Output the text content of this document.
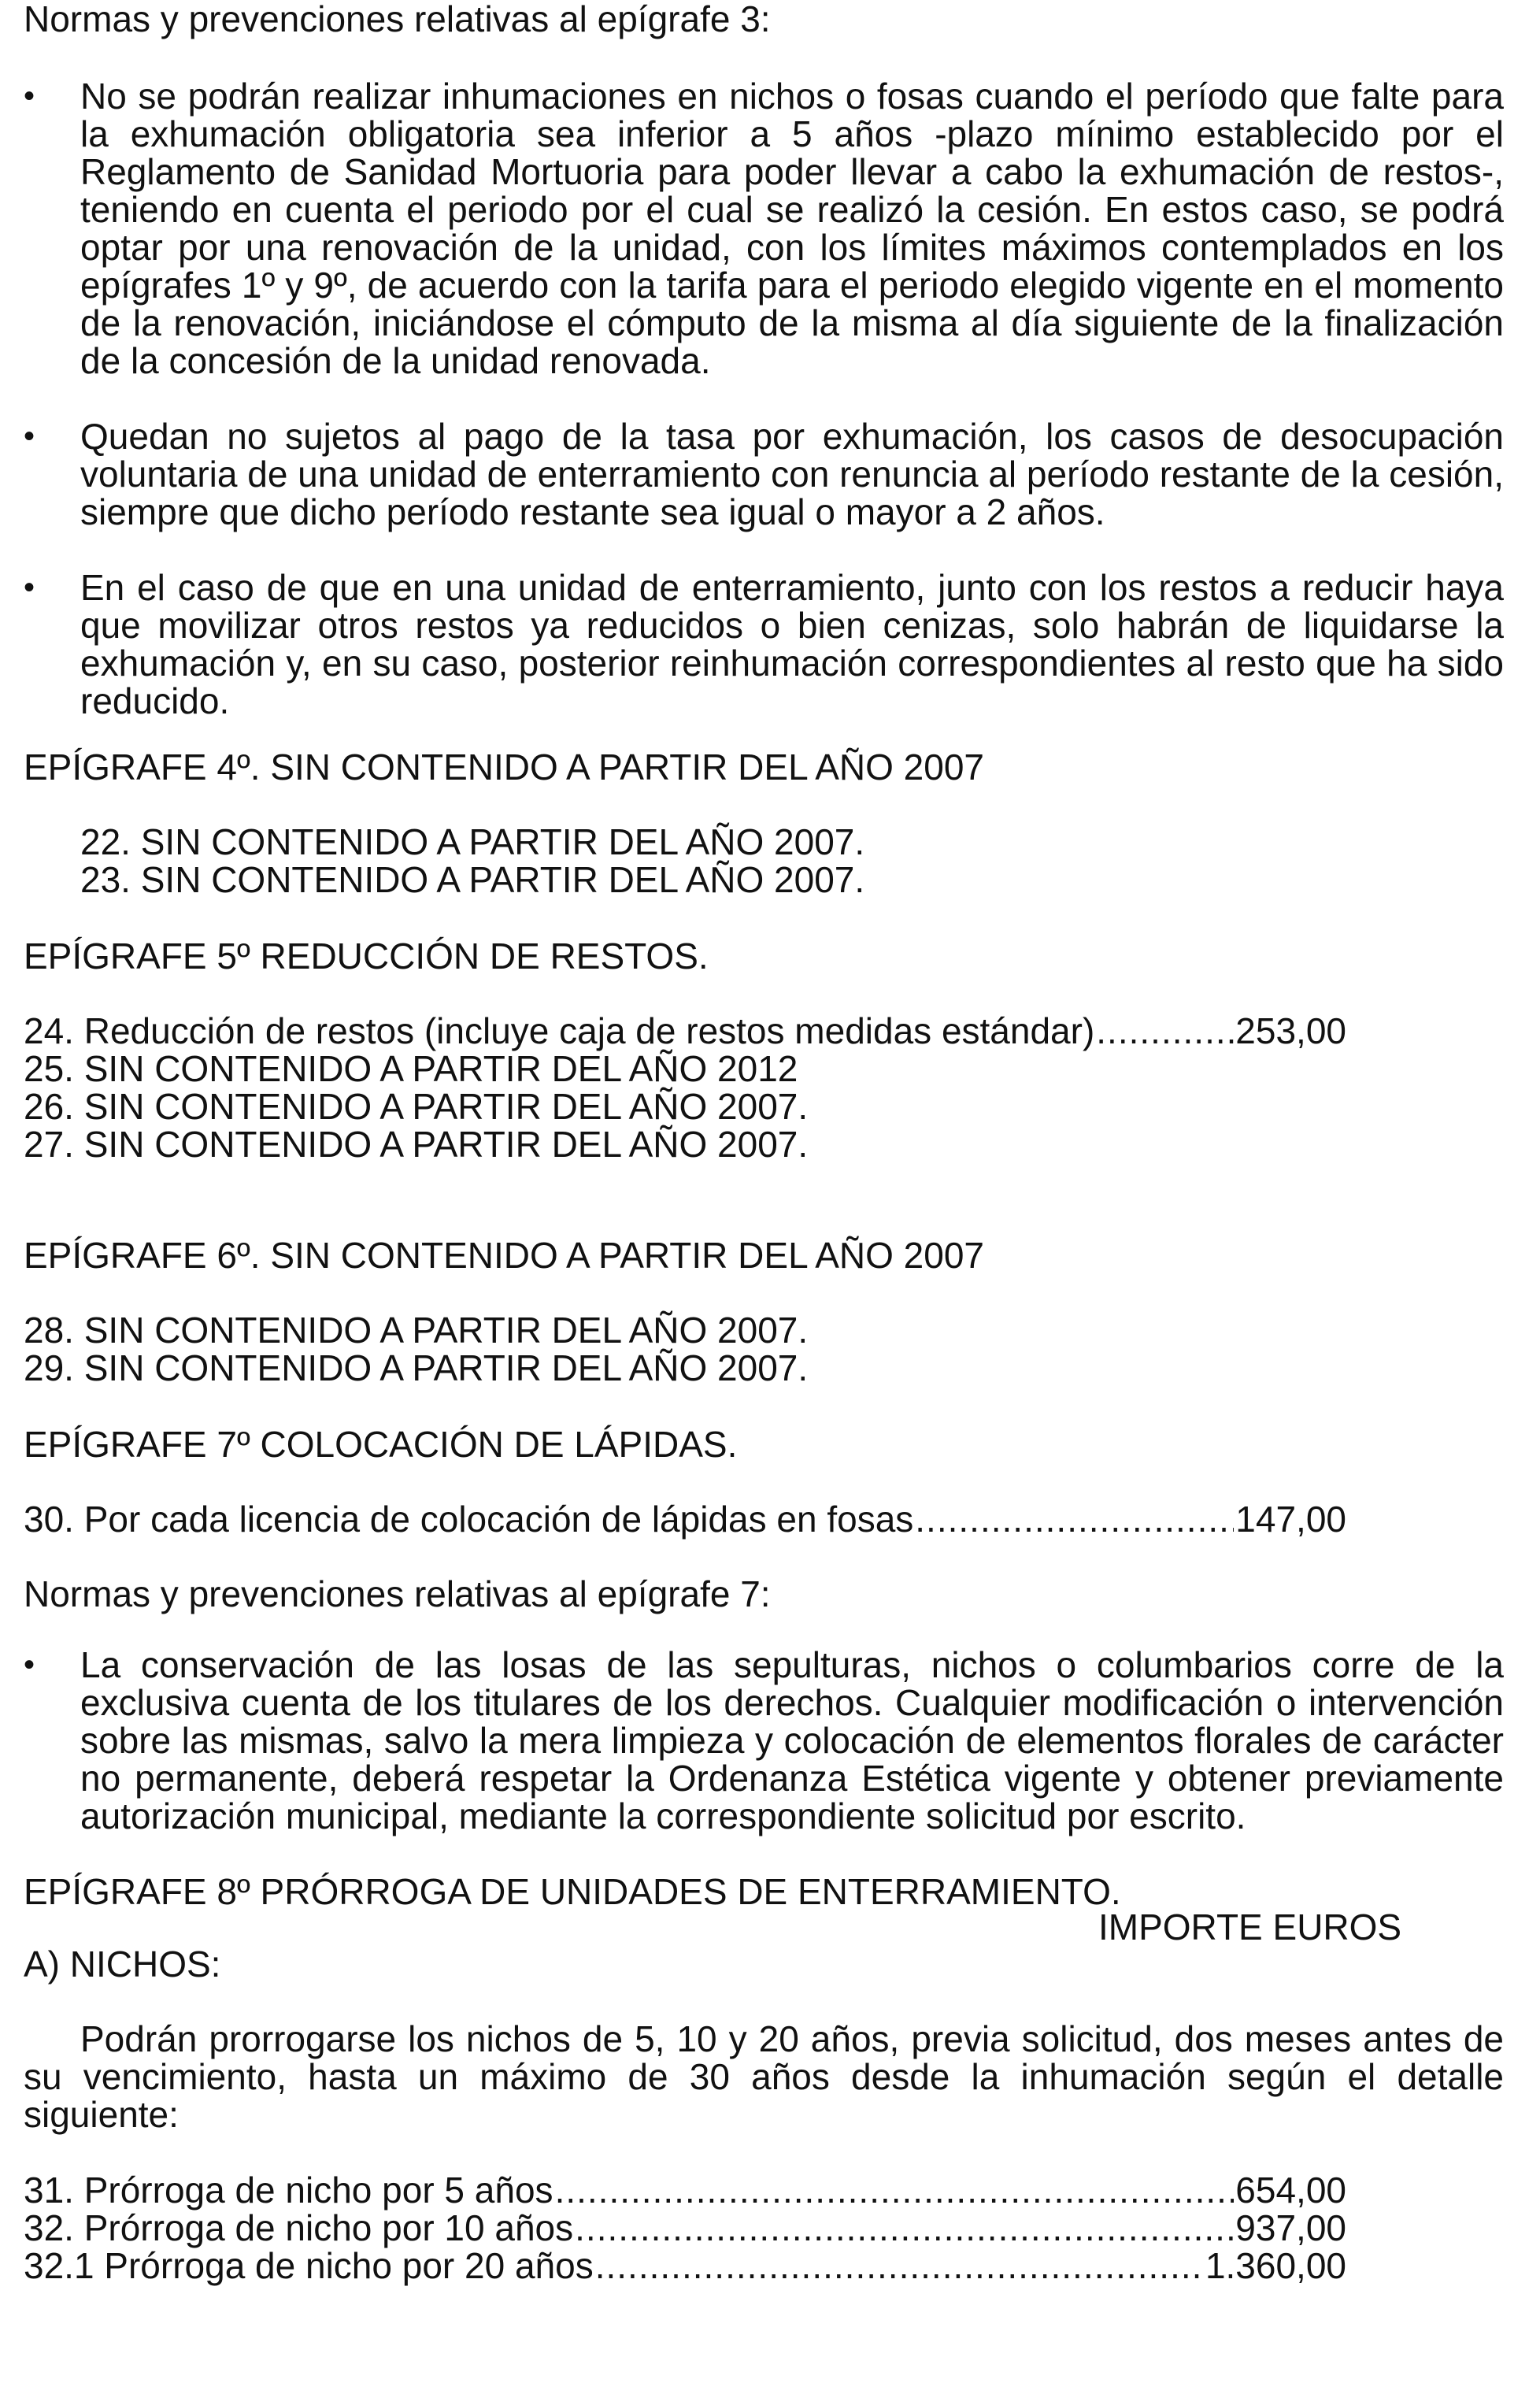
Normas y prevenciones relativas al epígrafe 3:
• No se podrán realizar inhumaciones en nichos o fosas cuando el período que falte para la exhumación obligatoria sea inferior a 5 años -plazo mínimo establecido por el Reglamento de Sanidad Mortuoria para poder llevar a cabo la exhumación de restos-, teniendo en cuenta el periodo por el cual se realizó la cesión. En estos caso, se podrá optar por una renovación de la unidad, con los límites máximos contemplados en los epígrafes 1º y 9º, de acuerdo con la tarifa para el periodo elegido vigente en el momento de la renovación, iniciándose el cómputo de la misma al día siguiente de la finalización de la concesión de la unidad renovada.
• Quedan no sujetos al pago de la tasa por exhumación, los casos de desocupación voluntaria de una unidad de enterramiento con renuncia al período restante de la cesión, siempre que dicho período restante sea igual o mayor a 2 años.
• En el caso de que en una unidad de enterramiento, junto con los restos a reducir haya que movilizar otros restos ya reducidos o bien cenizas, solo habrán de liquidarse la exhumación y, en su caso, posterior reinhumación correspondientes al resto que ha sido reducido.
EPÍGRAFE 4º. SIN CONTENIDO A PARTIR DEL AÑO 2007
22. SIN CONTENIDO A PARTIR DEL AÑO 2007.
23. SIN CONTENIDO A PARTIR DEL AÑO 2007.
EPÍGRAFE 5º REDUCCIÓN DE RESTOS.
24. Reducción de restos (incluye caja de restos medidas estándar) .....	253,00
25. SIN CONTENIDO A PARTIR DEL AÑO 2012
26. SIN CONTENIDO A PARTIR DEL AÑO 2007.
27. SIN CONTENIDO A PARTIR DEL AÑO 2007.
EPÍGRAFE 6º. SIN CONTENIDO A PARTIR DEL AÑO 2007
28. SIN CONTENIDO A PARTIR DEL AÑO 2007.
29. SIN CONTENIDO A PARTIR DEL AÑO 2007.
EPÍGRAFE 7º COLOCACIÓN DE LÁPIDAS.
30. Por cada licencia de colocación de lápidas en fosas .....	147,00
Normas y prevenciones relativas al epígrafe 7:
• La conservación de las losas de las sepulturas, nichos o columbarios corre de la exclusiva cuenta de los titulares de los derechos. Cualquier modificación o intervención sobre las mismas, salvo la mera limpieza y colocación de elementos florales de carácter no permanente, deberá respetar la Ordenanza Estética vigente y obtener previamente autorización municipal, mediante la correspondiente solicitud por escrito.
EPÍGRAFE 8º PRÓRROGA DE UNIDADES DE ENTERRAMIENTO.
IMPORTE EUROS
A) NICHOS:
Podrán prorrogarse los nichos de 5, 10 y 20 años, previa solicitud, dos meses antes de su vencimiento, hasta un máximo de 30 años desde la inhumación según el detalle siguiente:
31. Prórroga de nicho por 5 años .....	654,00
32. Prórroga de nicho por 10 años .....	937,00
32.1 Prórroga de nicho por 20 años .....	1.360,00
